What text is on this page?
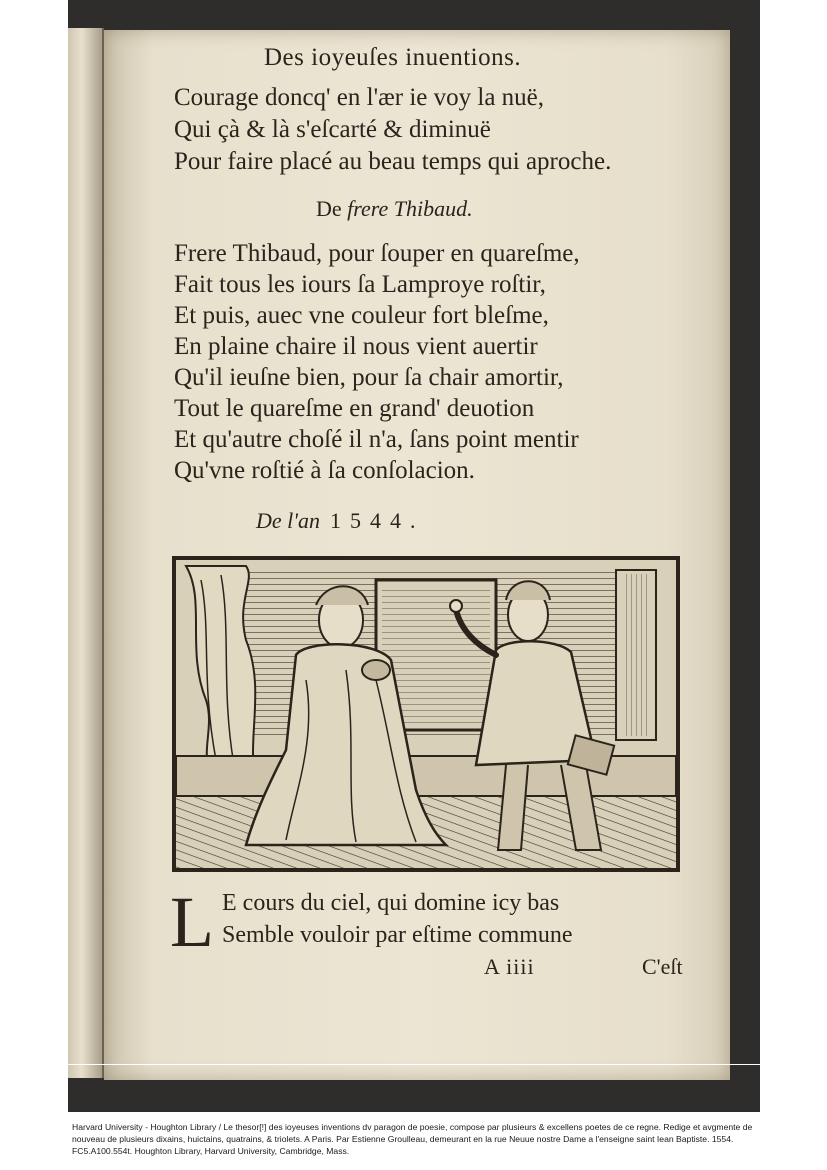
Des ioyeuſes inuentions.
Courage doncq' en l'ær ie voy la nuë,
Qui çà & là s'eſcarté & diminuë
Pour faire placé au beau temps qui aproche.
De frere Thibaud.
Frere Thibaud, pour ſouper en quareſme,
Fait tous les iours ſa Lamproye roſtir,
Et puis, auec vne couleur fort bleſme,
En plaine chaire il nous vient auertir
Qu'il ieuſne bien, pour ſa chair amortir,
Tout le quareſme en grand' deuotion
Et qu'autre choſé il n'a, ſans point mentir
Qu'vne roſtié à ſa conſolacion.
De l'an 1544.
L E cours du ciel, qui domine icy bas
Semble vouloir par eſtime commune
A iiii	C'eſt
Harvard University - Houghton Library / Le thesor[!] des ioyeuses inventions dv paragon de poesie, compose par plusieurs & excellens poetes de ce regne. Redige et avgmente de nouveau de plusieurs dixains, huictains, quatrains, & triolets. A Paris. Par Estienne Groulleau, demeurant en la rue Neuue nostre Dame a l'enseigne saint Iean Baptiste. 1554. FC5.A100.554t. Houghton Library, Harvard University, Cambridge, Mass.
